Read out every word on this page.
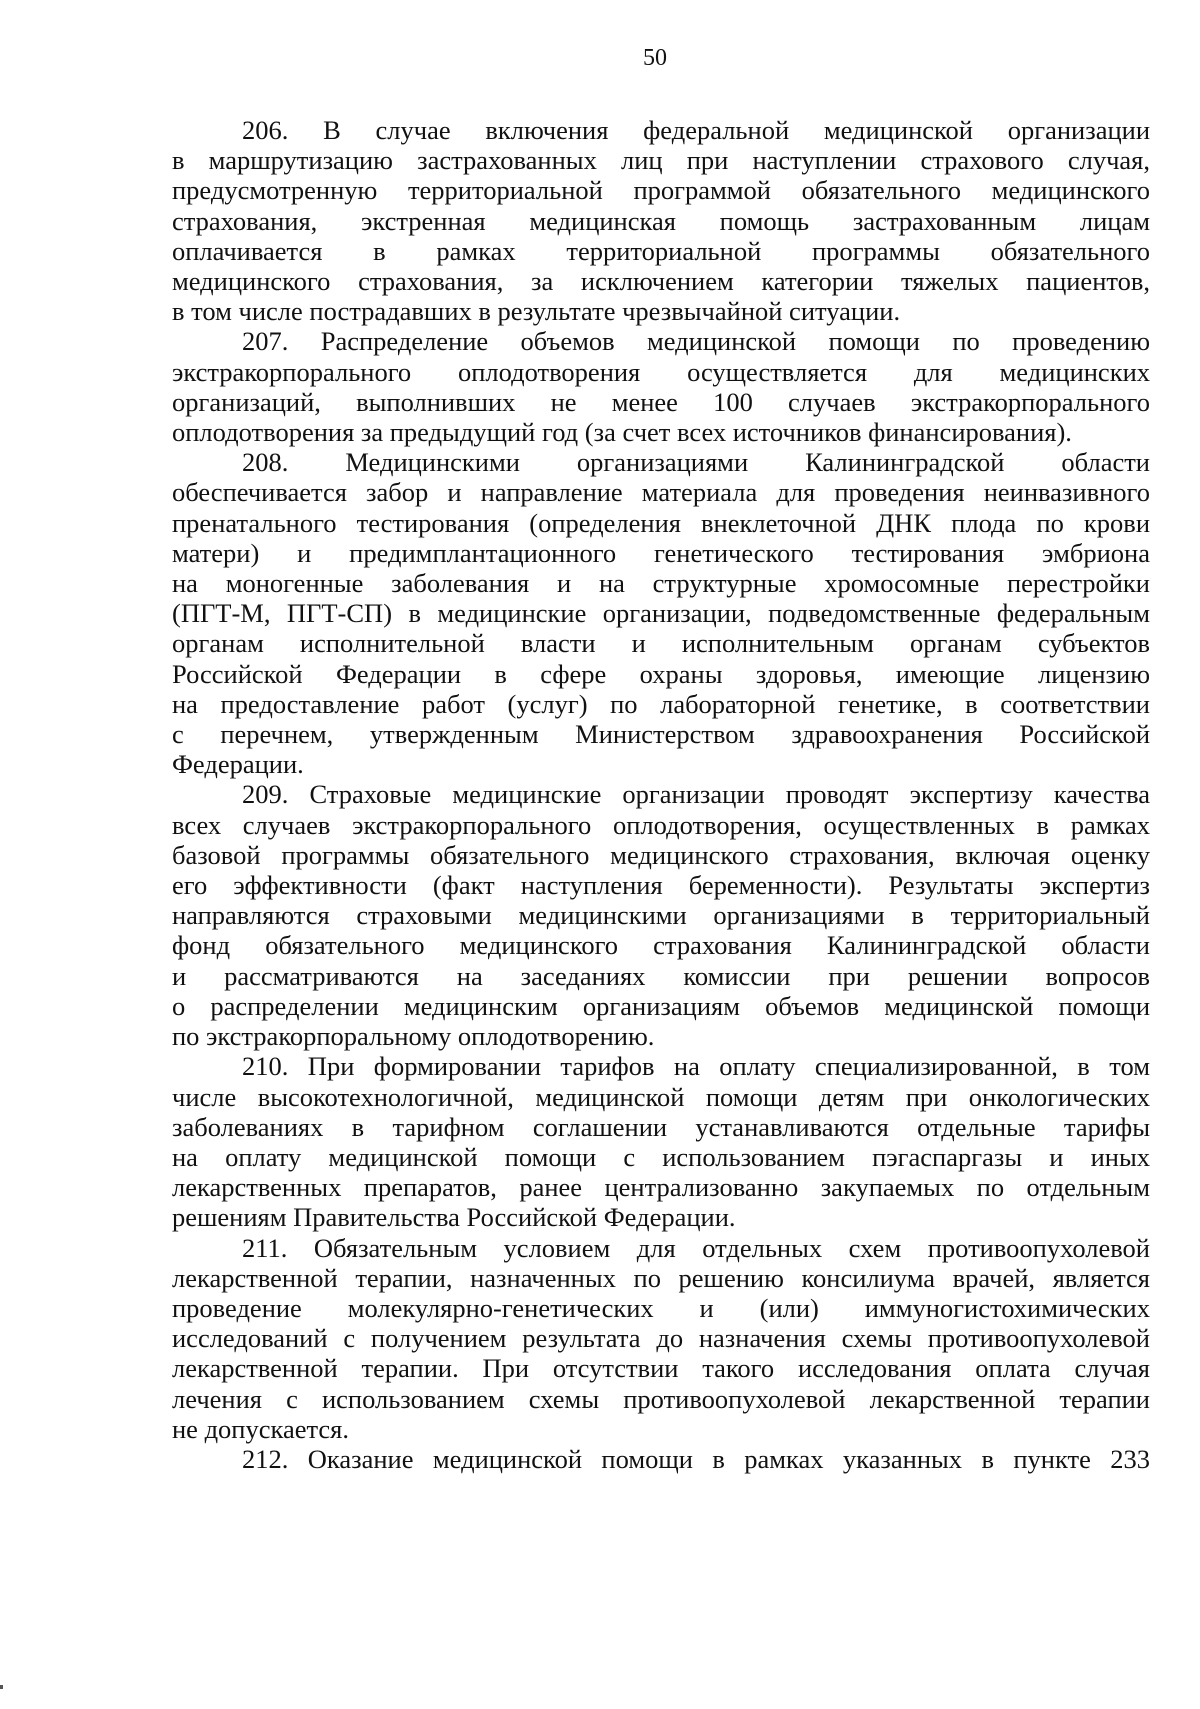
50

206. В случае включения федеральной медицинской организации
в маршрутизацию застрахованных лиц при наступлении страхового случая,
предусмотренную территориальной программой обязательного медицинского
страхования, экстренная медицинская помощь застрахованным лицам
оплачивается в рамках территориальной программы обязательного
медицинского страхования, за исключением категории тяжелых пациентов,
в том числе пострадавших в результате чрезвычайной ситуации.

207. Распределение объемов медицинской помощи по проведению
экстракорпорального оплодотворения осуществляется для медицинских
организаций, выполнивших не менее 100 случаев экстракорпорального
оплодотворения за предыдущий год (за счет всех источников финансирования).

208. Медицинскими организациями Калининградской области
обеспечивается забор и направление материала для проведения неинвазивного
пренатального тестирования (определения внеклеточной ДНК плода по крови
матери) и предимплантационного генетического тестирования эмбриона
на моногенные заболевания и на структурные хромосомные перестройки
(ПГТ-М, ПГТ-СП) в медицинские организации, подведомственные федеральным
органам исполнительной власти и исполнительным органам субъектов
Российской Федерации в сфере охраны здоровья, имеющие лицензию
на предоставление работ (услуг) по лабораторной генетике, в соответствии
с перечнем, утвержденным Министерством здравоохранения Российской
Федерации.

209. Страховые медицинские организации проводят экспертизу качества
всех случаев экстракорпорального оплодотворения, осуществленных в рамках
базовой программы обязательного медицинского страхования, включая оценку
его эффективности (факт наступления беременности). Результаты экспертиз
направляются страховыми медицинскими организациями в территориальный
фонд обязательного медицинского страхования Калининградской области
и рассматриваются на заседаниях комиссии при решении вопросов
о распределении медицинским организациям объемов медицинской помощи
по экстракорпоральному оплодотворению.

210. При формировании тарифов на оплату специализированной, в том
числе высокотехнологичной, медицинской помощи детям при онкологических
заболеваниях в тарифном соглашении устанавливаются отдельные тарифы
на оплату медицинской помощи с использованием пэгаспаргазы и иных
лекарственных препаратов, ранее централизованно закупаемых по отдельным
решениям Правительства Российской Федерации.

211. Обязательным условием для отдельных схем противоопухолевой
лекарственной терапии, назначенных по решению консилиума врачей, является
проведение молекулярно-генетических и (или) иммуногистохимических
исследований с получением результата до назначения схемы противоопухолевой
лекарственной терапии. При отсутствии такого исследования оплата случая
лечения с использованием схемы противоопухолевой лекарственной терапии
не допускается.

212. Оказание медицинской помощи в рамках указанных в пункте 233
